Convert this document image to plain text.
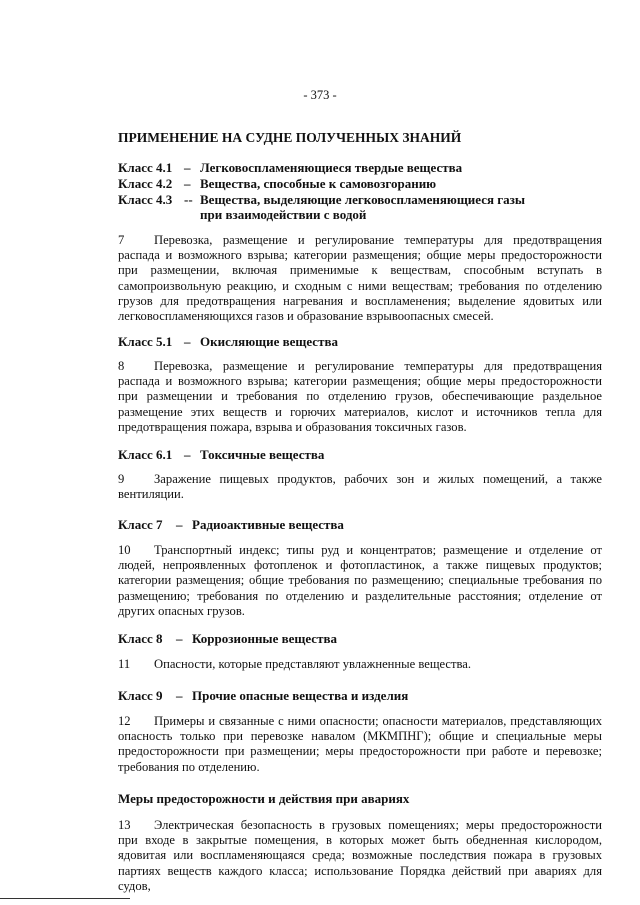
- 373 -
ПРИМЕНЕНИЕ НА СУДНЕ ПОЛУЧЕННЫХ ЗНАНИЙ
Класс 4.1 – Легковоспламеняющиеся твердые вещества
Класс 4.2 – Вещества, способные к самовозгоранию
Класс 4.3 -- Вещества, выделяющие легковоспламеняющиеся газы
при взаимодействии с водой
7 Перевозка, размещение и регулирование температуры для предотвращения распада и возможного взрыва; категории размещения; общие меры предосторожности при размещении, включая применимые к веществам, способным вступать в самопроизвольную реакцию, и сходным с ними веществам; требования по отделению грузов для предотвращения нагревания и воспламенения; выделение ядовитых или легковоспламеняющихся газов и образование взрывоопасных смесей.
Класс 5.1 – Окисляющие вещества
8 Перевозка, размещение и регулирование температуры для предотвращения распада и возможного взрыва; категории размещения; общие меры предосторожности при размещении и требования по отделению грузов, обеспечивающие раздельное размещение этих веществ и горючих материалов, кислот и источников тепла для предотвращения пожара, взрыва и образования токсичных газов.
Класс 6.1 – Токсичные вещества
9 Заражение пищевых продуктов, рабочих зон и жилых помещений, а также вентиляции.
Класс 7	– Радиоактивные вещества
10 Транспортный индекс; типы руд и концентратов; размещение и отделение от людей, непроявленных фотопленок и фотопластинок, а также пищевых продуктов; категории размещения; общие требования по размещению; специальные требования по размещению; требования по отделению и разделительные расстояния; отделение от других опасных грузов.
Класс 8	– Коррозионные вещества
11 Опасности, которые представляют увлажненные вещества.
Класс 9	– Прочие опасные вещества и изделия
12 Примеры и связанные с ними опасности; опасности материалов, представляющих опасность только при перевозке навалом (МКМПНГ); общие и специальные меры предосторожности при размещении; меры предосторожности при работе и перевозке; требования по отделению.
Меры предосторожности и действия при авариях
13 Электрическая безопасность в грузовых помещениях; меры предосторожности при входе в закрытые помещения, в которых может быть обедненная кислородом, ядовитая или воспламеняющаяся среда; возможные последствия пожара в грузовых партиях веществ каждого класса; использование Порядка действий при авариях для судов,
